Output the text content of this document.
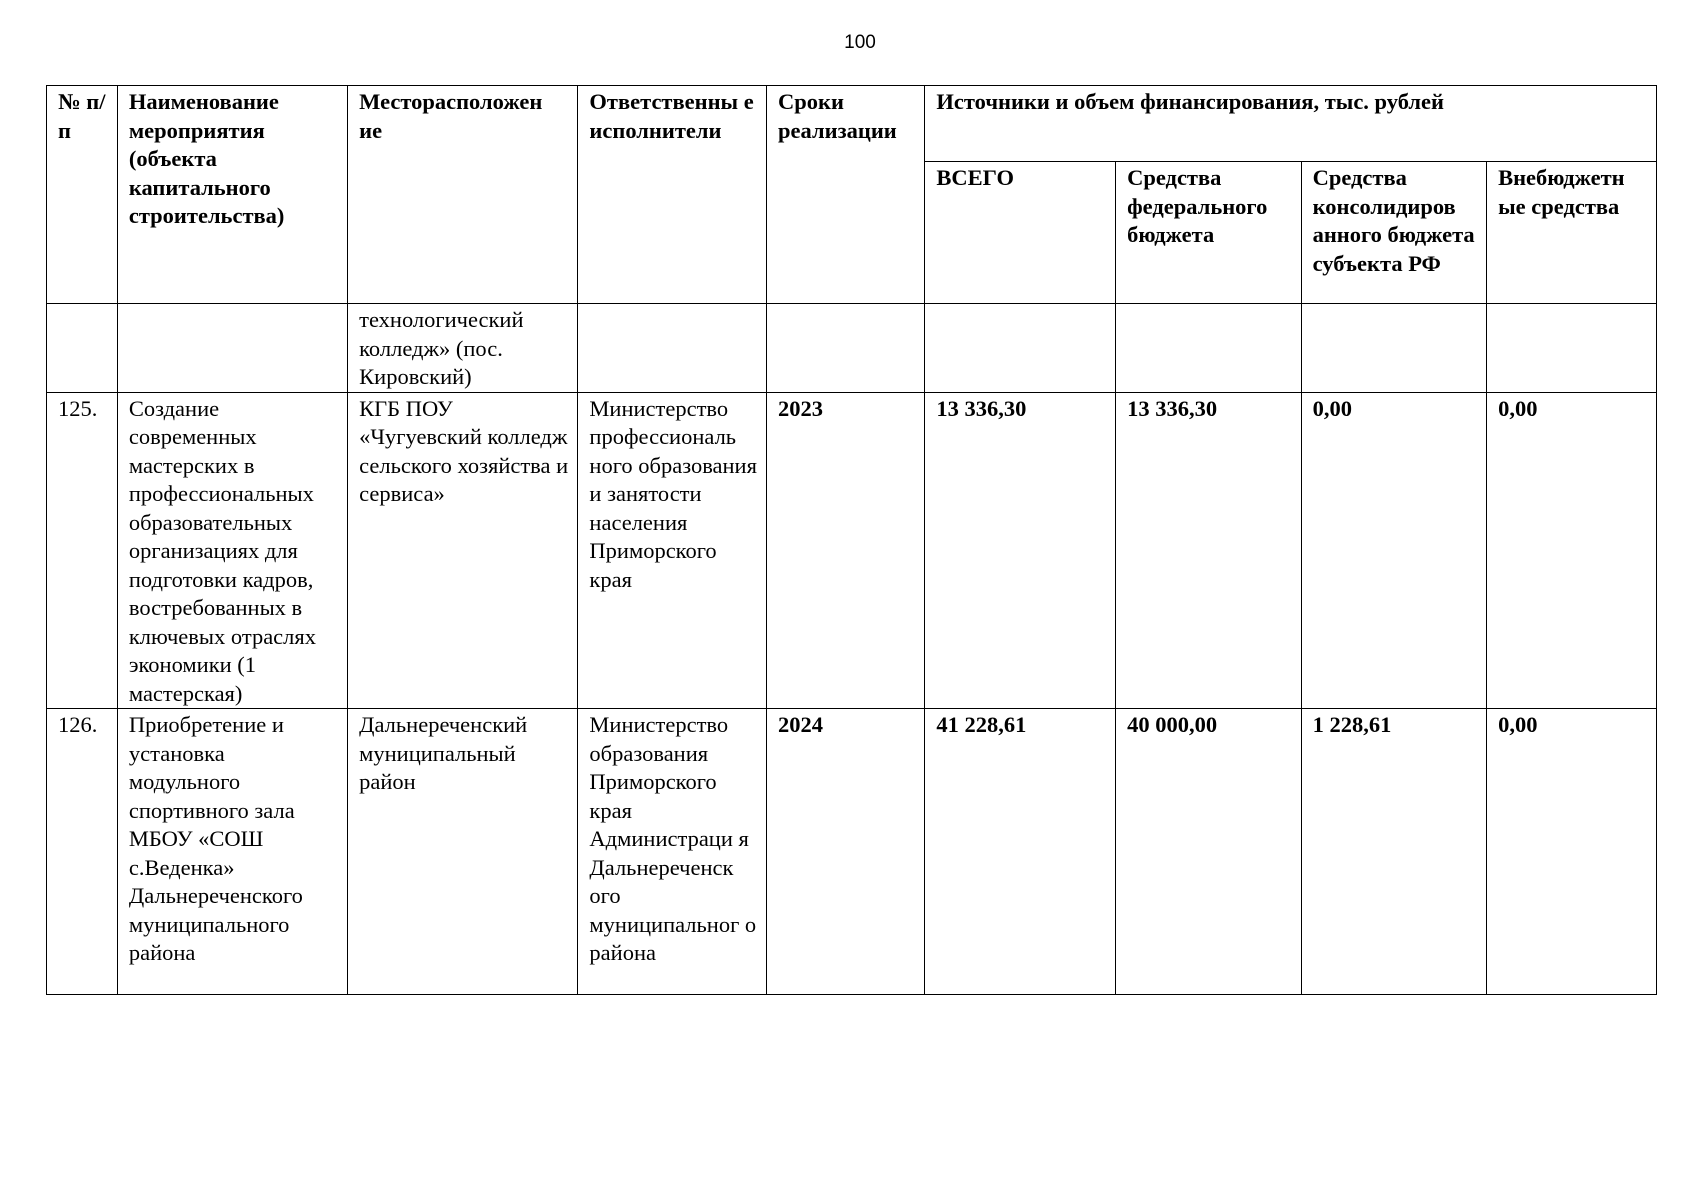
100
№ п/п	Наименование мероприятия (объекта капитального строительства)	Месторасположен ие	Ответственны е исполнители	Сроки реализации	Источники и объем финансирования, тыс. рублей			
					ВСЕГО	Средства федерального бюджета	Средства консолидиров анного бюджета субъекта РФ	Внебюджетн ые средства
		технологический колледж» (пос. Кировский)						
125.	Создание современных мастерских в профессиональных образовательных организациях для подготовки кадров, востребованных в ключевых отраслях экономики (1 мастерская)	КГБ ПОУ «Чугуевский колледж сельского хозяйства и сервиса»	Министерство профессиональ ного образования и занятости населения Приморского края	2023	13 336,30	13 336,30	0,00	0,00
126.	Приобретение и установка модульного спортивного зала МБОУ «СОШ с.Веденка» Дальнереченского муниципального района	Дальнереченский муниципальный район	Министерство образования Приморского края Администраци я Дальнереченск ого муниципальног о района	2024	41 228,61	40 000,00	1 228,61	0,00
